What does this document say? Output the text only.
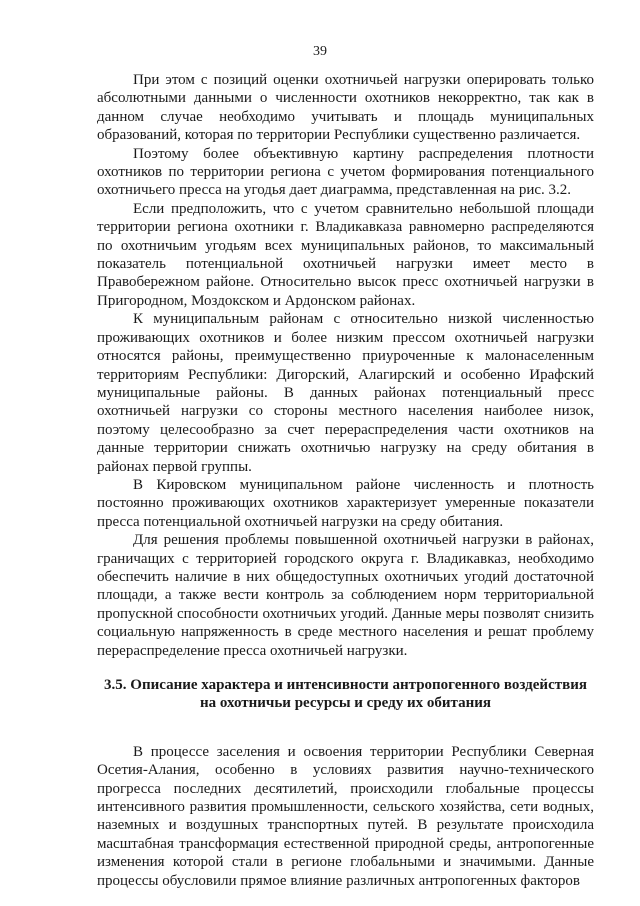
39

При этом с позиций оценки охотничьей нагрузки оперировать только абсолютными данными о численности охотников некорректно, так как в данном случае необходимо учитывать и площадь муниципальных образований, которая по территории Республики существенно различается.

Поэтому более объективную картину распределения плотности охотников по территории региона с учетом формирования потенциального охотничьего пресса на угодья дает диаграмма, представленная на рис. 3.2.

Если предположить, что с учетом сравнительно небольшой площади территории региона охотники г. Владикавказа равномерно распределяются по охотничьим угодьям всех муниципальных районов, то максимальный показатель потенциальной охотничьей нагрузки имеет место в Правобережном районе. Относительно высок пресс охотничьей нагрузки в Пригородном, Моздокском и Ардонском районах.

К муниципальным районам с относительно низкой численностью проживающих охотников и более низким прессом охотничьей нагрузки относятся районы, преимущественно приуроченные к малонаселенным территориям Республики: Дигорский, Алагирский и особенно Ирафский муниципальные районы. В данных районах потенциальный пресс охотничьей нагрузки со стороны местного населения наиболее низок, поэтому целесообразно за счет перераспределения части охотников на данные территории снижать охотничью нагрузку на среду обитания в районах первой группы.

В Кировском муниципальном районе численность и плотность постоянно проживающих охотников характеризует умеренные показатели пресса потенциальной охотничьей нагрузки на среду обитания.

Для решения проблемы повышенной охотничьей нагрузки в районах, граничащих с территорией городского округа г. Владикавказ, необходимо обеспечить наличие в них общедоступных охотничьих угодий достаточной площади, а также вести контроль за соблюдением норм территориальной пропускной способности охотничьих угодий. Данные меры позволят снизить социальную напряженность в среде местного населения и решат проблему перераспределение пресса охотничьей нагрузки.

3.5. Описание характера и интенсивности антропогенного воздействия на охотничьи ресурсы и среду их обитания

В процессе заселения и освоения территории Республики Северная Осетия-Алания, особенно в условиях развития научно-технического прогресса последних десятилетий, происходили глобальные процессы интенсивного развития промышленности, сельского хозяйства, сети водных, наземных и воздушных транспортных путей. В результате происходила масштабная трансформация естественной природной среды, антропогенные изменения которой стали в регионе глобальными и значимыми. Данные процессы обусловили прямое влияние различных антропогенных факторов
